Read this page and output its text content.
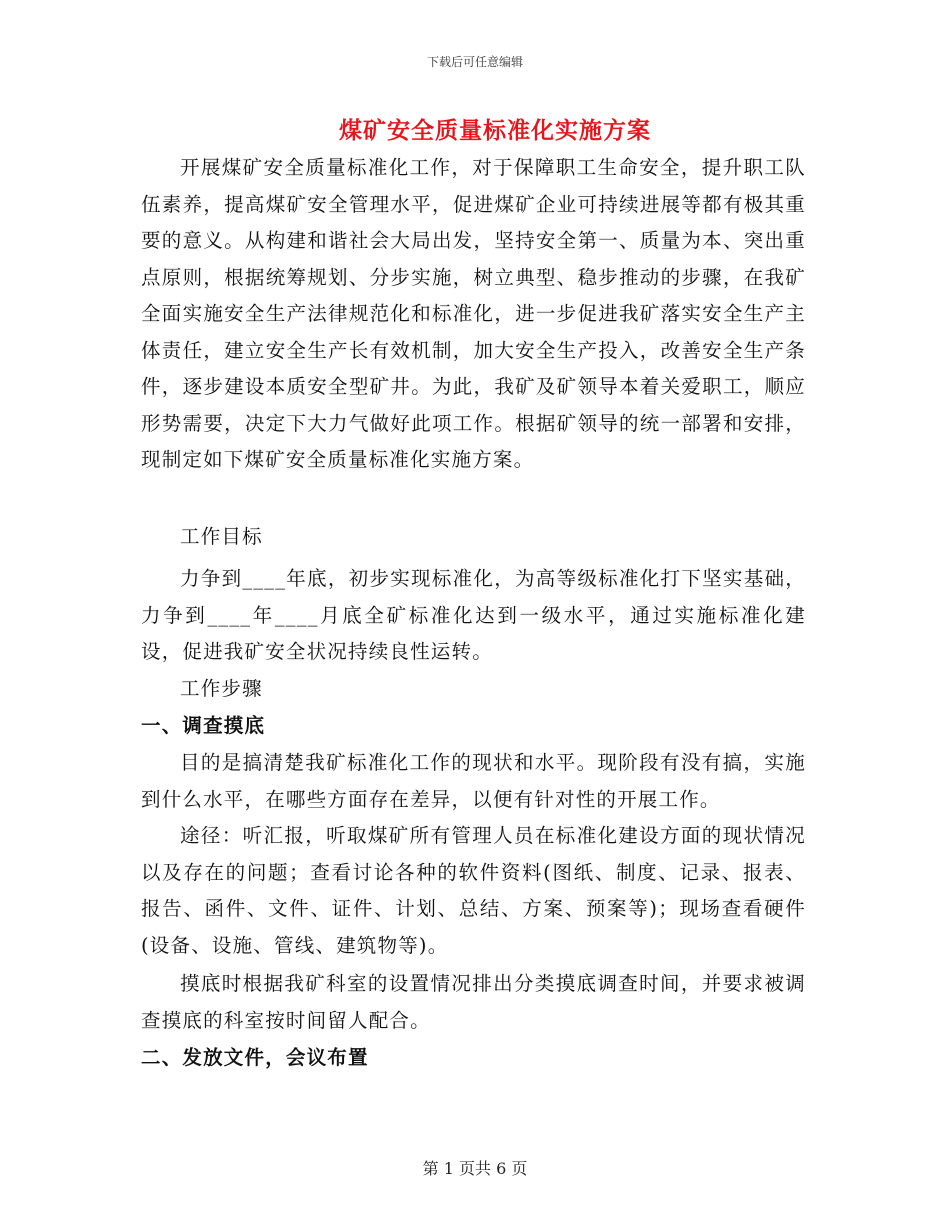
下载后可任意编辑
煤矿安全质量标准化实施方案

开展煤矿安全质量标准化工作，对于保障职工生命安全，提升职工队伍素养，提高煤矿安全管理水平，促进煤矿企业可持续进展等都有极其重要的意义。从构建和谐社会大局出发，坚持安全第一、质量为本、突出重点原则，根据统筹规划、分步实施，树立典型、稳步推动的步骤，在我矿全面实施安全生产法律规范化和标准化，进一步促进我矿落实安全生产主体责任，建立安全生产长有效机制，加大安全生产投入，改善安全生产条件，逐步建设本质安全型矿井。为此，我矿及矿领导本着关爱职工，顺应形势需要，决定下大力气做好此项工作。根据矿领导的统一部署和安排，现制定如下煤矿安全质量标准化实施方案。

工作目标

力争到____年底，初步实现标准化，为高等级标准化打下坚实基础，力争到____年____月底全矿标准化达到一级水平，通过实施标准化建设，促进我矿安全状况持续良性运转。

工作步骤

一、调查摸底

目的是搞清楚我矿标准化工作的现状和水平。现阶段有没有搞，实施到什么水平，在哪些方面存在差异，以便有针对性的开展工作。

途径：听汇报，听取煤矿所有管理人员在标准化建设方面的现状情况以及存在的问题；查看讨论各种的软件资料(图纸、制度、记录、报表、报告、函件、文件、证件、计划、总结、方案、预案等)；现场查看硬件(设备、设施、管线、建筑物等)。

摸底时根据我矿科室的设置情况排出分类摸底调查时间，并要求被调查摸底的科室按时间留人配合。

二、发放文件，会议布置
第 1 页共 6 页
